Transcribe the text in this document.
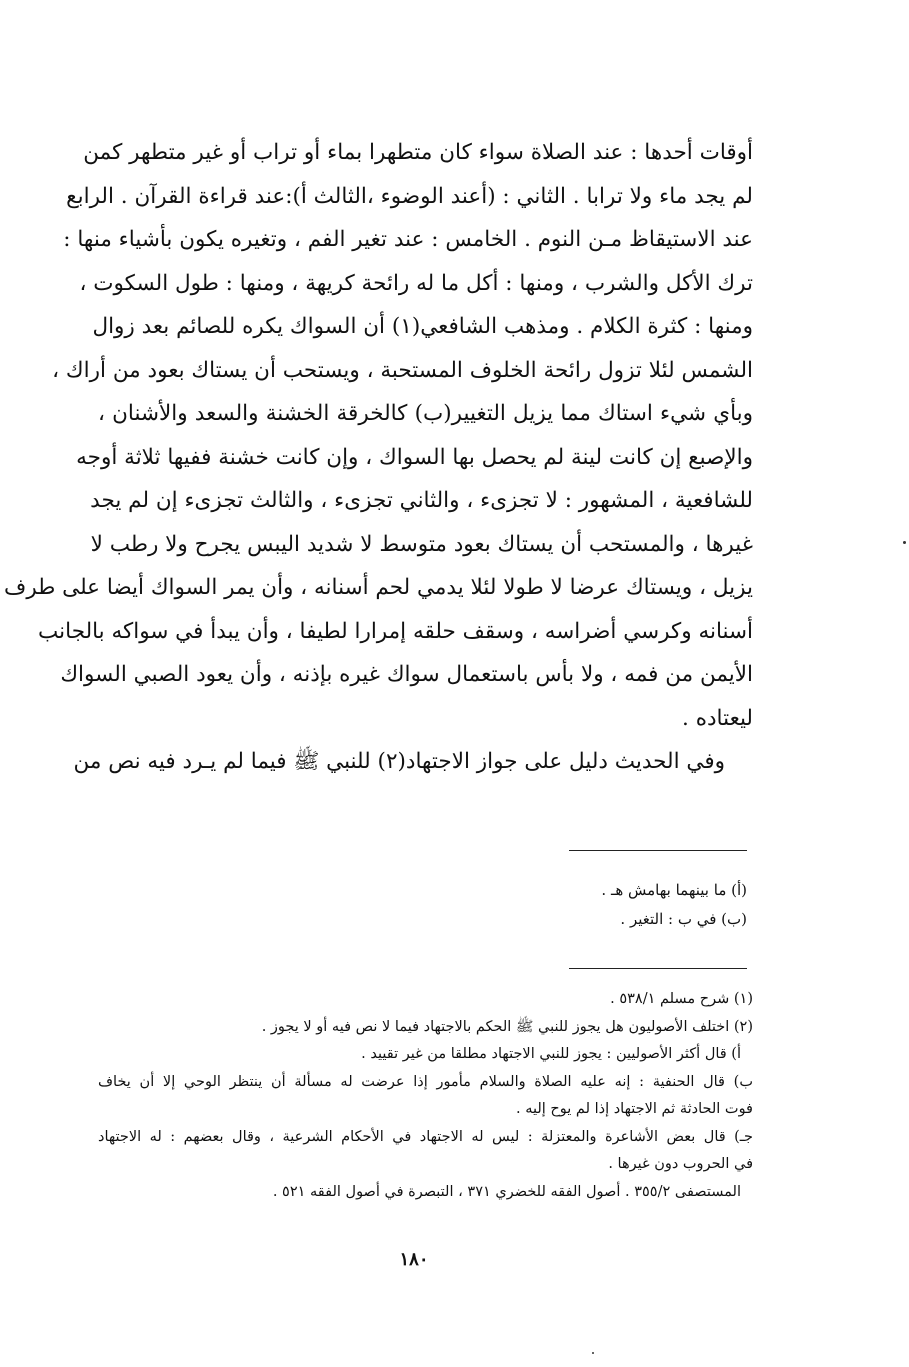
أوقات أحدها : عند الصلاة سواء كان متطهرا بماء أو تراب أو غير متطهر كمن
لم يجد ماء ولا ترابا . الثاني : (أعند الوضوء ،الثالث أ):عند قراءة القرآن . الرابع
عند الاستيقاظ مـن النوم . الخامس : عند تغير الفم ، وتغيره يكون بأشياء منها :
ترك الأكل والشرب ، ومنها : أكل ما له رائحة كريهة ، ومنها : طول السكوت ،
ومنها : كثرة الكلام . ومذهب الشافعي(١) أن السواك يكره للصائم بعد زوال
الشمس لئلا تزول رائحة الخلوف المستحبة ، ويستحب أن يستاك بعود من أراك ،
وبأي شيء استاك مما يزيل التغيير(ب) كالخرقة الخشنة والسعد والأشنان ،
والإصبع إن كانت لينة لم يحصل بها السواك ، وإن كانت خشنة ففيها ثلاثة أوجه
للشافعية ، المشهور : لا تجزىء ، والثاني تجزىء ، والثالث تجزىء إن لم يجد
غيرها ، والمستحب أن يستاك بعود متوسط لا شديد اليبس يجرح ولا رطب لا
يزيل ، ويستاك عرضا لا طولا لئلا يدمي لحم أسنانه ، وأن يمر السواك أيضا على طرف
أسنانه وكرسي أضراسه ، وسقف حلقه إمرارا لطيفا ، وأن يبدأ في سواكه بالجانب
الأيمن من فمه ، ولا بأس باستعمال سواك غيره بإذنه ، وأن يعود الصبي السواك
ليعتاده .
وفي الحديث دليل على جواز الاجتهاد(٢) للنبي ﷺ فيما لم يـرد فيه نص من
(أ) ما بينهما بهامش هـ .
(ب) في ب : التغير .
(١) شرح مسلم ٥٣٨/١ .
(٢) اختلف الأصوليون هل يجوز للنبي ﷺ الحكم بالاجتهاد فيما لا نص فيه أو لا يجوز .
أ) قال أكثر الأصوليين : يجوز للنبي الاجتهاد مطلقا من غير تقييد .
ب) قال الحنفية : إنه عليه الصلاة والسلام مأمور إذا عرضت له مسألة أن ينتظر الوحي إلا أن يخاف
فوت الحادثة ثم الاجتهاد إذا لم يوح إليه .
جـ) قال بعض الأشاعرة والمعتزلة : ليس له الاجتهاد في الأحكام الشرعية ، وقال بعضهم : له الاجتهاد
في الحروب دون غيرها .
المستصفى ٣٥٥/٢ . أصول الفقه للخضري ٣٧١ ، التبصرة في أصول الفقه ٥٢١ .
١٨٠
